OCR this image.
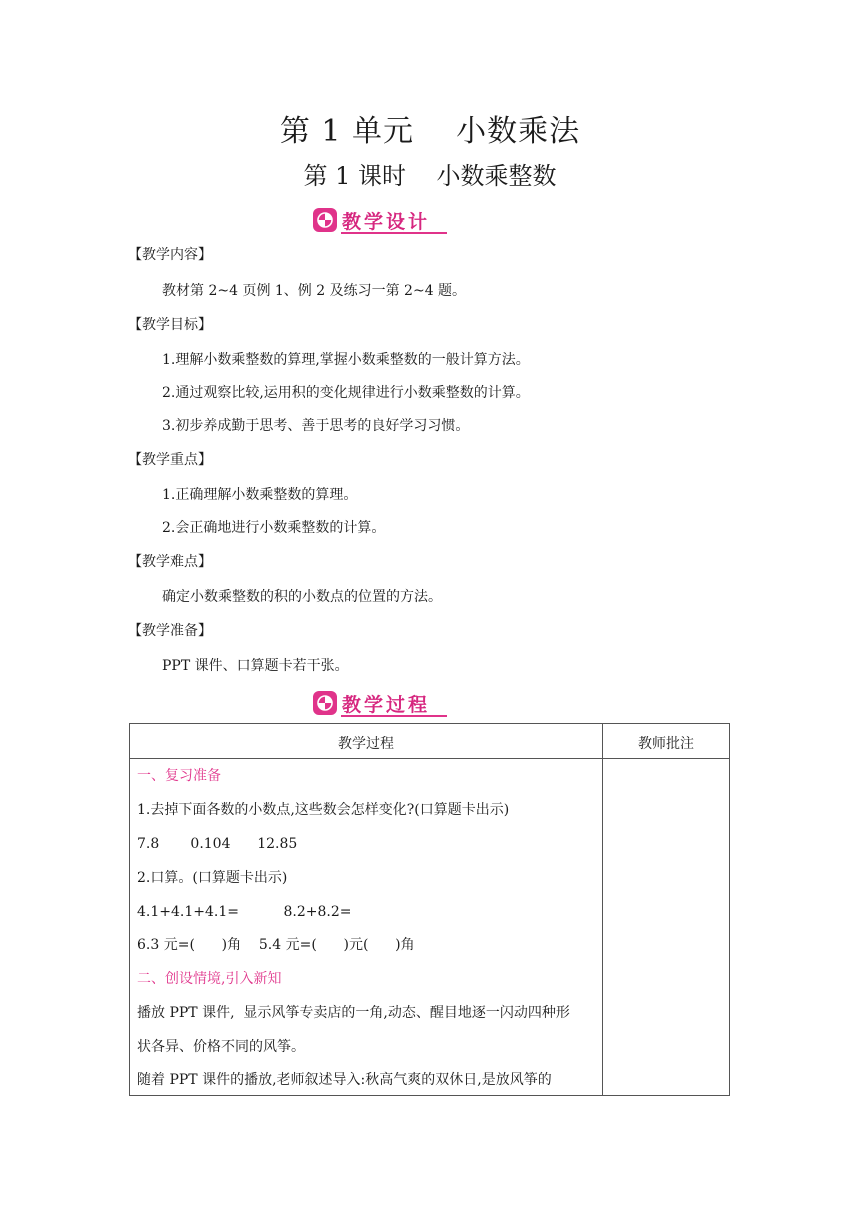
第 1 单元    小数乘法
第 1 课时    小数乘整数
教学设计
【教学内容】
教材第 2~4 页例 1、例 2 及练习一第 2~4 题。
【教学目标】
1.理解小数乘整数的算理,掌握小数乘整数的一般计算方法。
2.通过观察比较,运用积的变化规律进行小数乘整数的计算。
3.初步养成勤于思考、善于思考的良好学习习惯。
【教学重点】
1.正确理解小数乘整数的算理。
2.会正确地进行小数乘整数的计算。
【教学难点】
确定小数乘整数的积的小数点的位置的方法。
【教学准备】
PPT 课件、口算题卡若干张。
教学过程
教学过程	教师批注
一、复习准备
1.去掉下面各数的小数点,这些数会怎样变化?(口算题卡出示)
7.8       0.104      12.85
2.口算。(口算题卡出示)
4.1+4.1+4.1=          8.2+8.2=
6.3 元=(      )角    5.4 元=(      )元(      )角
二、创设情境,引入新知
播放 PPT 课件,  显示风筝专卖店的一角,动态、醒目地逐一闪动四种形
状各异、价格不同的风筝。
随着 PPT 课件的播放,老师叙述导入:秋高气爽的双休日,是放风筝的
